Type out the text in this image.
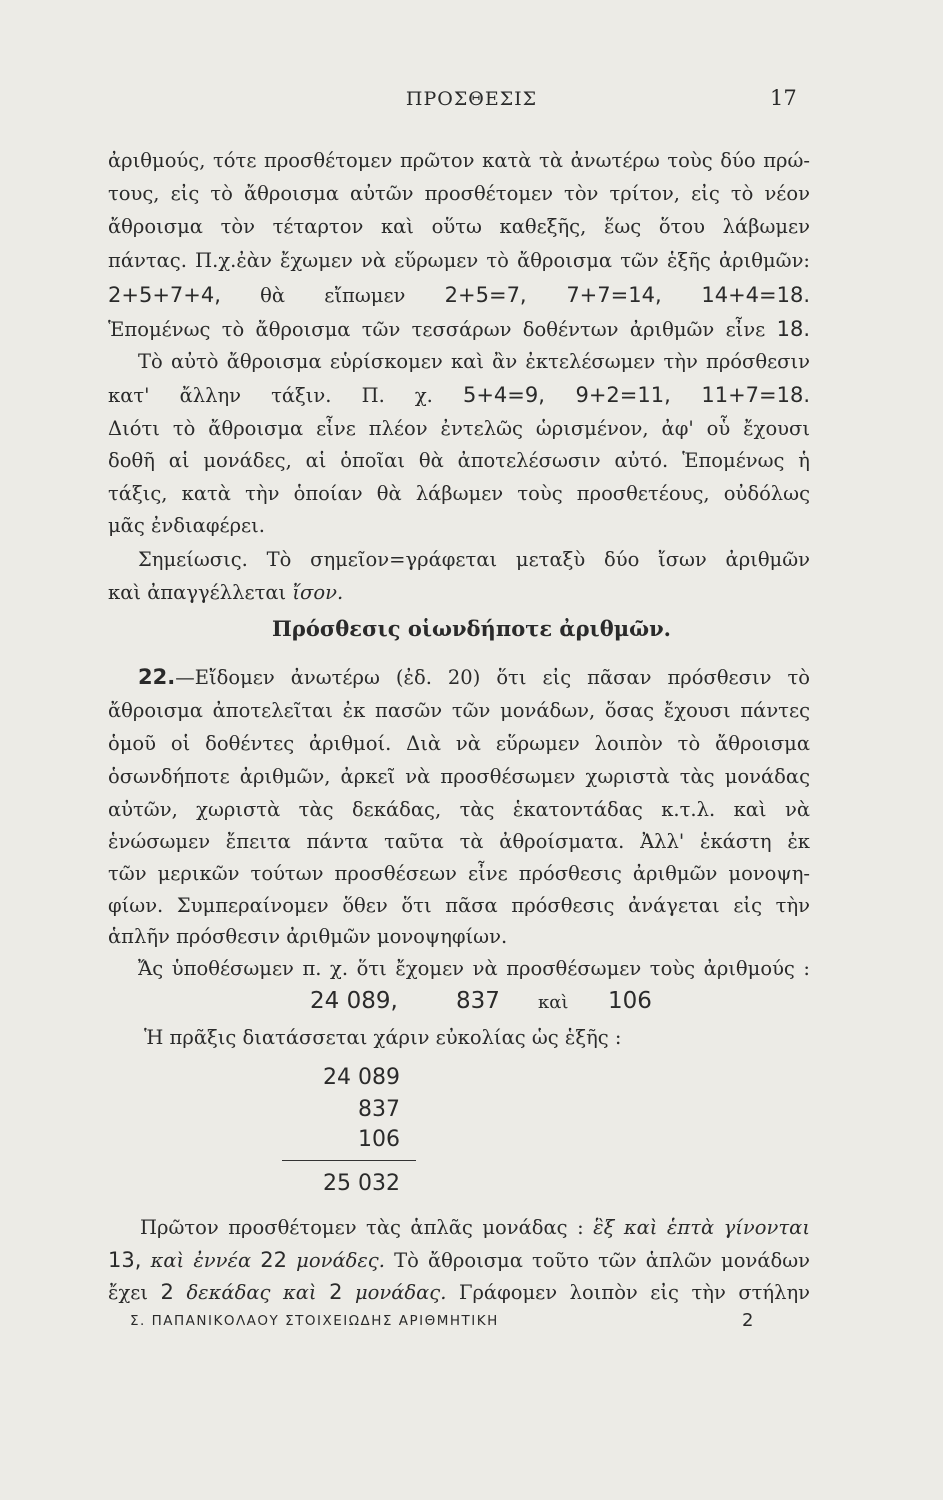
ΠΡΟΣΘΕΣΙΣ	17
ἀριθμούς, τότε προσθέτομεν πρῶτον κατὰ τὰ ἀνωτέρω τοὺς δύο πρώ-
τους, εἰς τὸ ἄθροισμα αὐτῶν προσθέτομεν τὸν τρίτον, εἰς τὸ νέον
ἄθροισμα τὸν τέταρτον καὶ οὕτω καθεξῆς, ἕως ὅτου λάβωμεν
πάντας. Π.χ.ἐὰν ἔχωμεν νὰ εὕρωμεν τὸ ἄθροισμα τῶν ἑξῆς ἀριθμῶν:
2+5+7+4, θὰ εἴπωμεν 2+5=7, 7+7=14, 14+4=18.
Ἑπομένως τὸ ἄθροισμα τῶν τεσσάρων δοθέντων ἀριθμῶν εἶνε 18.
Τὸ αὐτὸ ἄθροισμα εὑρίσκομεν καὶ ἂν ἐκτελέσωμεν τὴν πρόσθεσιν
κατ' ἄλλην τάξιν. Π. χ. 5+4=9, 9+2=11, 11+7=18.
Διότι τὸ ἄθροισμα εἶνε πλέον ἐντελῶς ὡρισμένον, ἀφ' οὗ ἔχουσι
δοθῆ αἱ μονάδες, αἱ ὁποῖαι θὰ ἀποτελέσωσιν αὐτό. Ἑπομένως ἡ
τάξις, κατὰ τὴν ὁποίαν θὰ λάβωμεν τοὺς προσθετέους, οὐδόλως
μᾶς ἐνδιαφέρει.
Σημείωσις. Τὸ σημεῖον=γράφεται μεταξὺ δύο ἴσων ἀριθμῶν
καὶ ἀπαγγέλλεται ἴσον.
Πρόσθεσις οἱωνδήποτε ἀριθμῶν.
22.—Εἴδομεν ἀνωτέρω (ἐδ. 20) ὅτι εἰς πᾶσαν πρόσθεσιν τὸ
ἄθροισμα ἀποτελεῖται ἐκ πασῶν τῶν μονάδων, ὅσας ἔχουσι πάντες
ὁμοῦ οἱ δοθέντες ἀριθμοί. Διὰ νὰ εὕρωμεν λοιπὸν τὸ ἄθροισμα
ὁσωνδήποτε ἀριθμῶν, ἀρκεῖ νὰ προσθέσωμεν χωριστὰ τὰς μονάδας
αὐτῶν, χωριστὰ τὰς δεκάδας, τὰς ἑκατοντάδας κ.τ.λ. καὶ νὰ
ἑνώσωμεν ἔπειτα πάντα ταῦτα τὰ ἀθροίσματα. Ἀλλ' ἑκάστη ἐκ
τῶν μερικῶν τούτων προσθέσεων εἶνε πρόσθεσις ἀριθμῶν μονοψη-
φίων. Συμπεραίνομεν ὅθεν ὅτι πᾶσα πρόσθεσις ἀνάγεται εἰς τὴν
ἁπλῆν πρόσθεσιν ἀριθμῶν μονοψηφίων.
Ἄς ὑποθέσωμεν π. χ. ὅτι ἔχομεν νὰ προσθέσωμεν τοὺς ἀριθμούς :
24 089,	837 καὶ 106
Ἡ πρᾶξις διατάσσεται χάριν εὐκολίας ὡς ἑξῆς :
24 089
837
106
25 032
Πρῶτον προσθέτομεν τὰς ἁπλᾶς μονάδας : ἓξ καὶ ἑπτὰ γίνονται
13, καὶ ἐννέα 22 μονάδες. Τὸ ἄθροισμα τοῦτο τῶν ἁπλῶν μονάδων
ἔχει 2 δεκάδας καὶ 2 μονάδας. Γράφομεν λοιπὸν εἰς τὴν στήλην
Σ. ΠΑΠΑΝΙΚΟΛΑΟΥ ΣΤΟΙΧΕΙΩΔΗΣ ΑΡΙΘΜΗΤΙΚΗ	2
